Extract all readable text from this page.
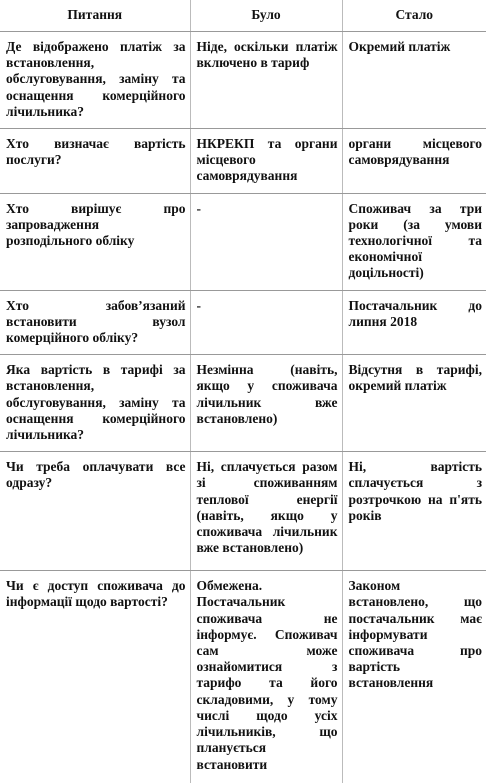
Питання	Було	Стало
Де відображено платіж за встановлення, обслуговування, заміну та оснащення комерційного лічильника?	Ніде, оскільки платіж включено в тариф	Окремий платіж
Хто визначає вартість послуги?	НКРЕКП та органи місцевого самоврядування	органи місцевого самоврядування
Хто вирішує про запровадження розподільного обліку	-	Споживач за три роки (за умови технологічної та економічної доцільності)
Хто забов’язаний встановити вузол комерційного обліку?	-	Постачальник до липня 2018
Яка вартість в тарифі за встановлення, обслуговування, заміну та оснащення комерційного лічильника?	Незмінна (навіть, якщо у споживача лічильник вже встановлено)	Відсутня в тарифі, окремий платіж
Чи треба оплачувати все одразу?	Ні, сплачується разом зі споживанням теплової енергії (навіть, якщо у споживача лічильник вже встановлено)	Ні, вартість сплачується з розтрочкою на п'ять років
Чи є доступ споживача до інформації щодо вартості?	Обмежена. Постачальник споживача не інформує. Споживач сам може ознайомитися з тарифо та його складовими, у тому числі щодо усіх лічильників, що планується встановити	Законом встановлено, що постачальник має інформувати споживача про вартість встановлення
